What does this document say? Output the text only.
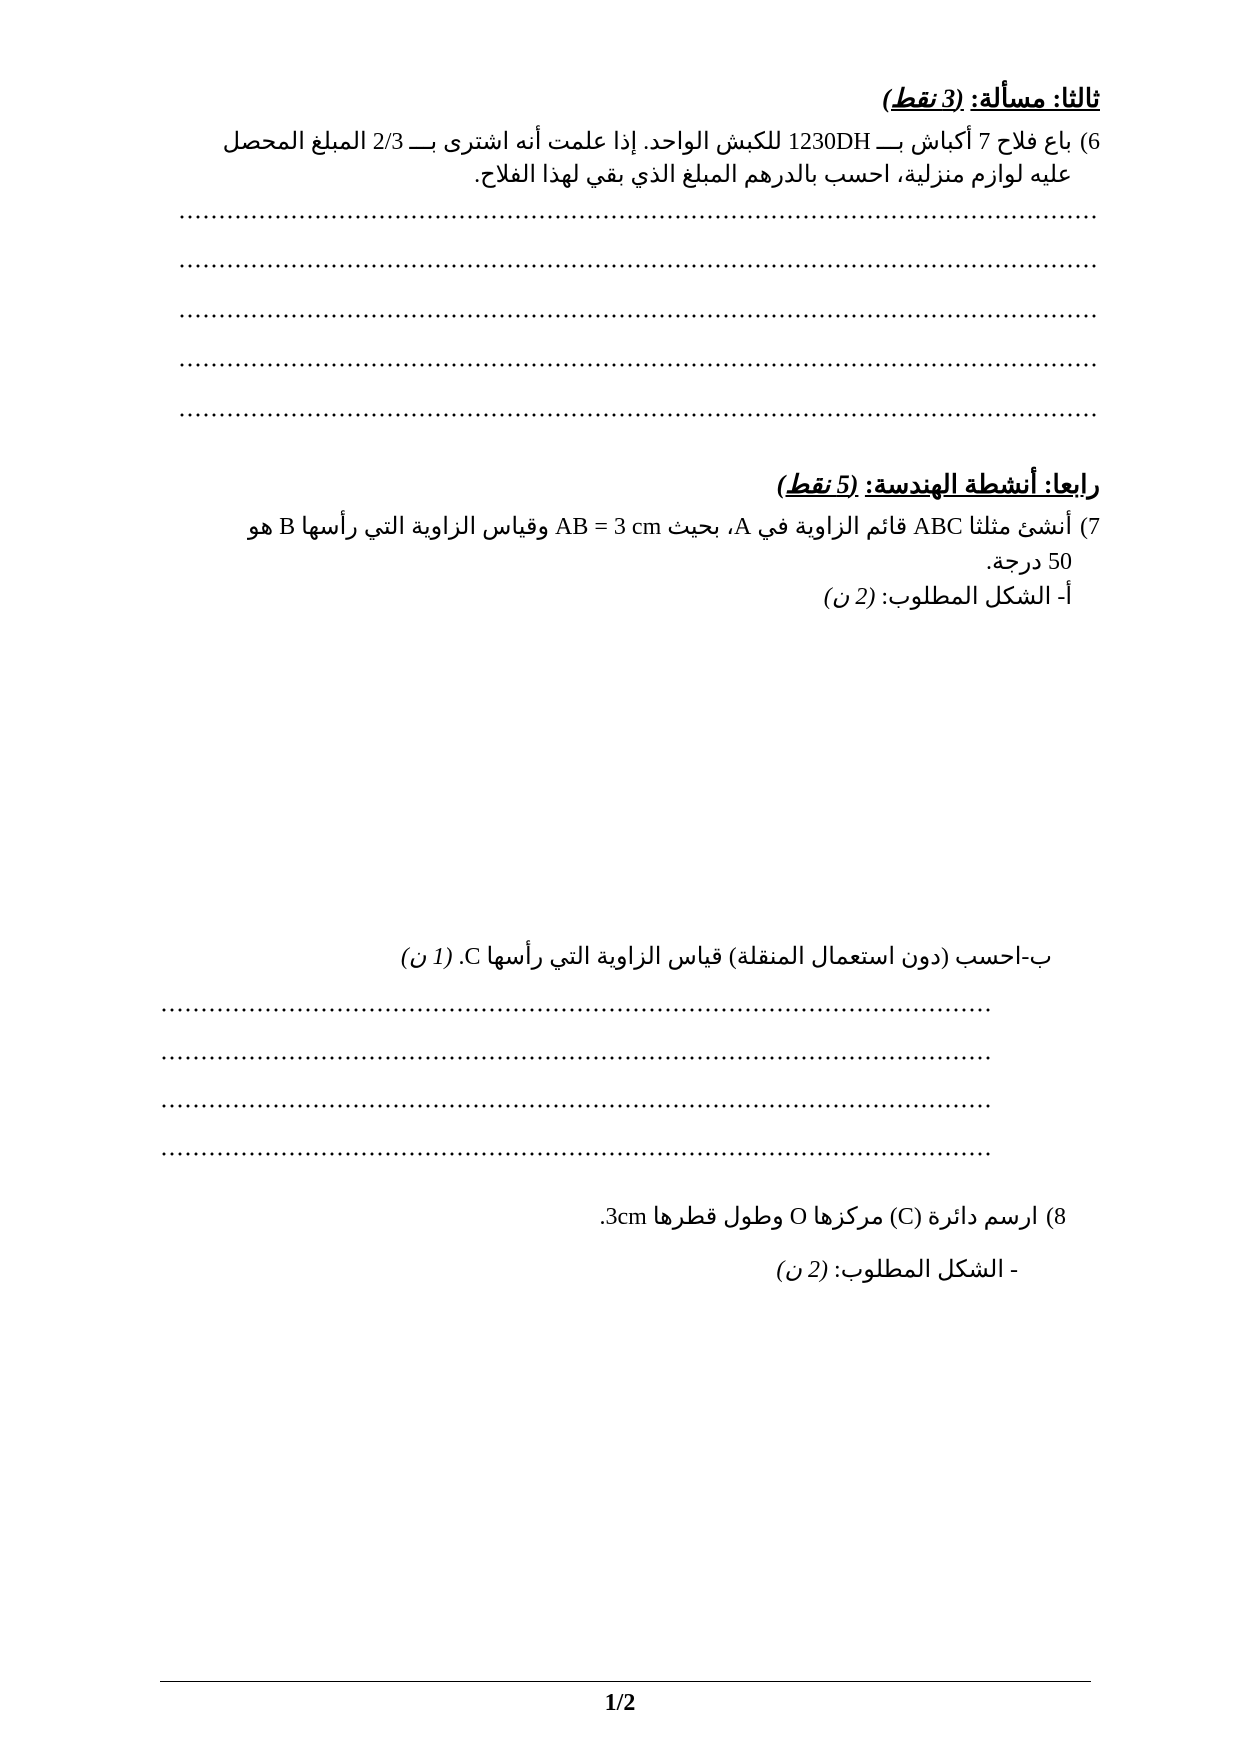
ثالثا: مسألة: (3 نقط)
6)باع فلاح 7 أكباش بـــ 1230DH للكبش الواحد. إذا علمت أنه اشترى بـــ 2/3 المبلغ المحصل
عليه لوازم منزلية، احسب بالدرهم المبلغ الذي بقي لهذا الفلاح.
رابعا: أنشطة الهندسة: (5 نقط)
7)أنشئ مثلثا ABC قائم الزاوية في A، بحيث AB = 3 cm وقياس الزاوية التي رأسها B هو
50 درجة.
أ- الشكل المطلوب: (2 ن)
ب-احسب (دون استعمال المنقلة) قياس الزاوية التي رأسها C. (1 ن)
8)ارسم دائرة (C) مركزها O وطول قطرها 3cm.
- الشكل المطلوب: (2 ن)
1/2
